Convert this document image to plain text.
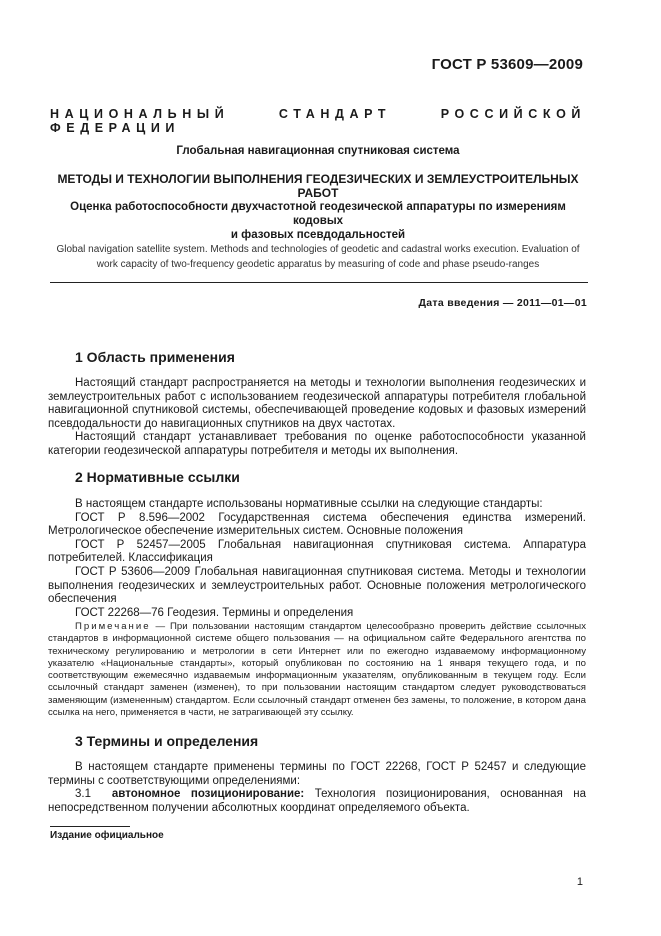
ГОСТ Р 53609—2009
НАЦИОНАЛЬНЫЙ СТАНДАРТ РОССИЙСКОЙ ФЕДЕРАЦИИ
Глобальная навигационная спутниковая система
МЕТОДЫ И ТЕХНОЛОГИИ ВЫПОЛНЕНИЯ ГЕОДЕЗИЧЕСКИХ И ЗЕМЛЕУСТРОИТЕЛЬНЫХ РАБОТ
Оценка работоспособности двухчастотной геодезической аппаратуры по измерениям кодовых
и фазовых псевдодальностей
Global navigation satellite system. Methods and technologies of geodetic and cadastral works execution. Evaluation of
work capacity of two-frequency geodetic apparatus by measuring of code and phase pseudo-ranges
Дата введения — 2011—01—01
1 Область применения

Настоящий стандарт распространяется на методы и технологии выполнения геодезических и землеустроительных работ с использованием геодезической аппаратуры потребителя глобальной навигационной спутниковой системы, обеспечивающей проведение кодовых и фазовых измерений псевдодальности до навигационных спутников на двух частотах.

Настоящий стандарт устанавливает требования по оценке работоспособности указанной категории геодезической аппаратуры потребителя и методы их выполнения.

2 Нормативные ссылки

В настоящем стандарте использованы нормативные ссылки на следующие стандарты:

ГОСТ Р 8.596—2002 Государственная система обеспечения единства измерений. Метрологическое обеспечение измерительных систем. Основные положения

ГОСТ Р 52457—2005 Глобальная навигационная спутниковая система. Аппаратура потребителей. Классификация

ГОСТ Р 53606—2009 Глобальная навигационная спутниковая система. Методы и технологии выполнения геодезических и землеустроительных работ. Основные положения метрологического обеспечения

ГОСТ 22268—76 Геодезия. Термины и определения

Примечание — При пользовании настоящим стандартом целесообразно проверить действие ссылочных стандартов в информационной системе общего пользования — на официальном сайте Федерального агентства по техническому регулированию и метрологии в сети Интернет или по ежегодно издаваемому информационному указателю «Национальные стандарты», который опубликован по состоянию на 1 января текущего года, и по соответствующим ежемесячно издаваемым информационным указателям, опубликованным в текущем году. Если ссылочный стандарт заменен (изменен), то при пользовании настоящим стандартом следует руководствоваться заменяющим (измененным) стандартом. Если ссылочный стандарт отменен без замены, то положение, в котором дана ссылка на него, применяется в части, не затрагивающей эту ссылку.

3 Термины и определения

В настоящем стандарте применены термины по ГОСТ 22268, ГОСТ Р 52457 и следующие термины с соответствующими определениями:

3.1 автономное позиционирование: Технология позиционирования, основанная на непосредственном получении абсолютных координат определяемого объекта.

Издание официальное
1
